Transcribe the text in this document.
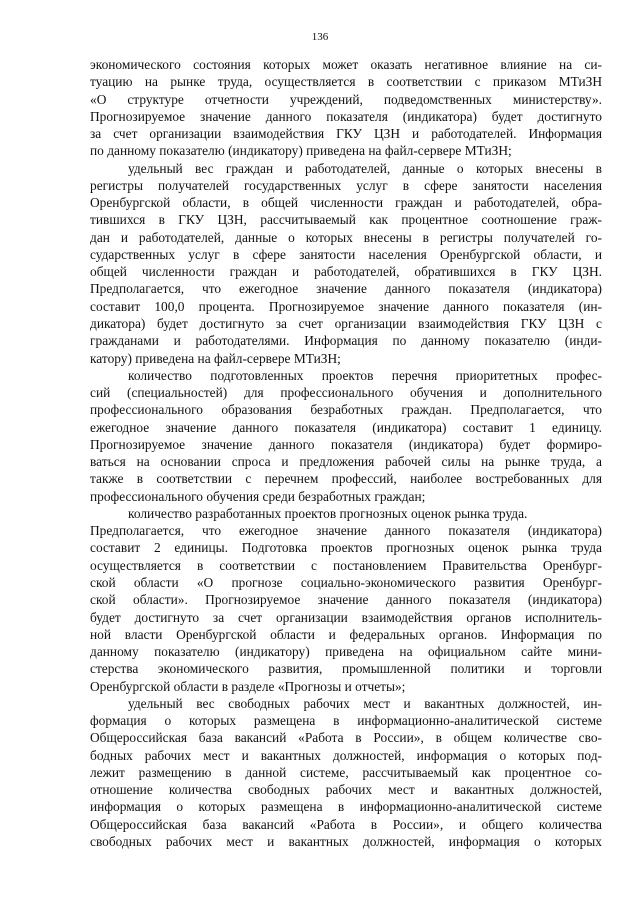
136
экономического состояния которых может оказать негативное влияние на си-
туацию на рынке труда, осуществляется в соответствии с приказом МТиЗН
«О структуре отчетности учреждений, подведомственных министерству».
Прогнозируемое значение данного показателя (индикатора) будет достигнуто
за счет организации взаимодействия ГКУ ЦЗН и работодателей. Информация
по данному показателю (индикатору) приведена на файл-сервере МТиЗН;
удельный вес граждан и работодателей, данные о которых внесены в
регистры получателей государственных услуг в сфере занятости населения
Оренбургской области, в общей численности граждан и работодателей, обра-
тившихся в ГКУ ЦЗН, рассчитываемый как процентное соотношение граж-
дан и работодателей, данные о которых внесены в регистры получателей го-
сударственных услуг в сфере занятости населения Оренбургской области, и
общей численности граждан и работодателей, обратившихся в ГКУ ЦЗН.
Предполагается, что ежегодное значение данного показателя (индикатора)
составит 100,0 процента. Прогнозируемое значение данного показателя (ин-
дикатора) будет достигнуто за счет организации взаимодействия ГКУ ЦЗН с
гражданами и работодателями. Информация по данному показателю (инди-
катору) приведена на файл-сервере МТиЗН;
количество подготовленных проектов перечня приоритетных профес-
сий (специальностей) для профессионального обучения и дополнительного
профессионального образования безработных граждан. Предполагается, что
ежегодное значение данного показателя (индикатора) составит 1 единицу.
Прогнозируемое значение данного показателя (индикатора) будет формиро-
ваться на основании спроса и предложения рабочей силы на рынке труда, а
также в соответствии с перечнем профессий, наиболее востребованных для
профессионального обучения среди безработных граждан;
количество разработанных проектов прогнозных оценок рынка труда.
Предполагается, что ежегодное значение данного показателя (индикатора)
составит 2 единицы. Подготовка проектов прогнозных оценок рынка труда
осуществляется в соответствии с постановлением Правительства Оренбург-
ской области «О прогнозе социально-экономического развития Оренбург-
ской области». Прогнозируемое значение данного показателя (индикатора)
будет достигнуто за счет организации взаимодействия органов исполнитель-
ной власти Оренбургской области и федеральных органов. Информация по
данному показателю (индикатору) приведена на официальном сайте мини-
стерства экономического развития, промышленной политики и торговли
Оренбургской области в разделе «Прогнозы и отчеты»;
удельный вес свободных рабочих мест и вакантных должностей, ин-
формация о которых размещена в информационно-аналитической системе
Общероссийская база вакансий «Работа в России», в общем количестве сво-
бодных рабочих мест и вакантных должностей, информация о которых под-
лежит размещению в данной системе, рассчитываемый как процентное со-
отношение количества свободных рабочих мест и вакантных должностей,
информация о которых размещена в информационно-аналитической системе
Общероссийская база вакансий «Работа в России», и общего количества
свободных рабочих мест и вакантных должностей, информация о которых
